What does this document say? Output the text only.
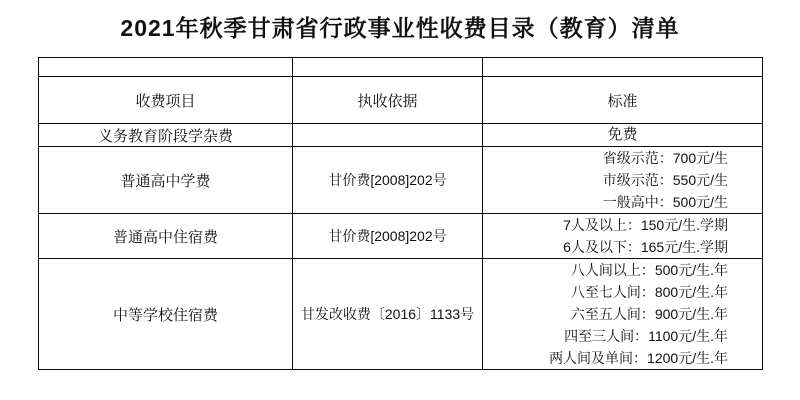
2021年秋季甘肃省行政事业性收费目录（教育）清单

收费项目	执收依据	标准
义务教育阶段学杂费		免费

普通高中学费	甘价费[2008]202号	省级示范：700元/生
市级示范：550元/生
一般高中：500元/生

普通高中住宿费	甘价费[2008]202号	7人及以上：150元/生.学期
6人及以下：165元/生.学期

中等学校住宿费	甘发改收费〔2016〕1133号	八人间以上：500元/生.年
八至七人间：800元/生.年
六至五人间：900元/生.年
四至三人间：1100元/生.年
两人间及单间：1200元/生.年
